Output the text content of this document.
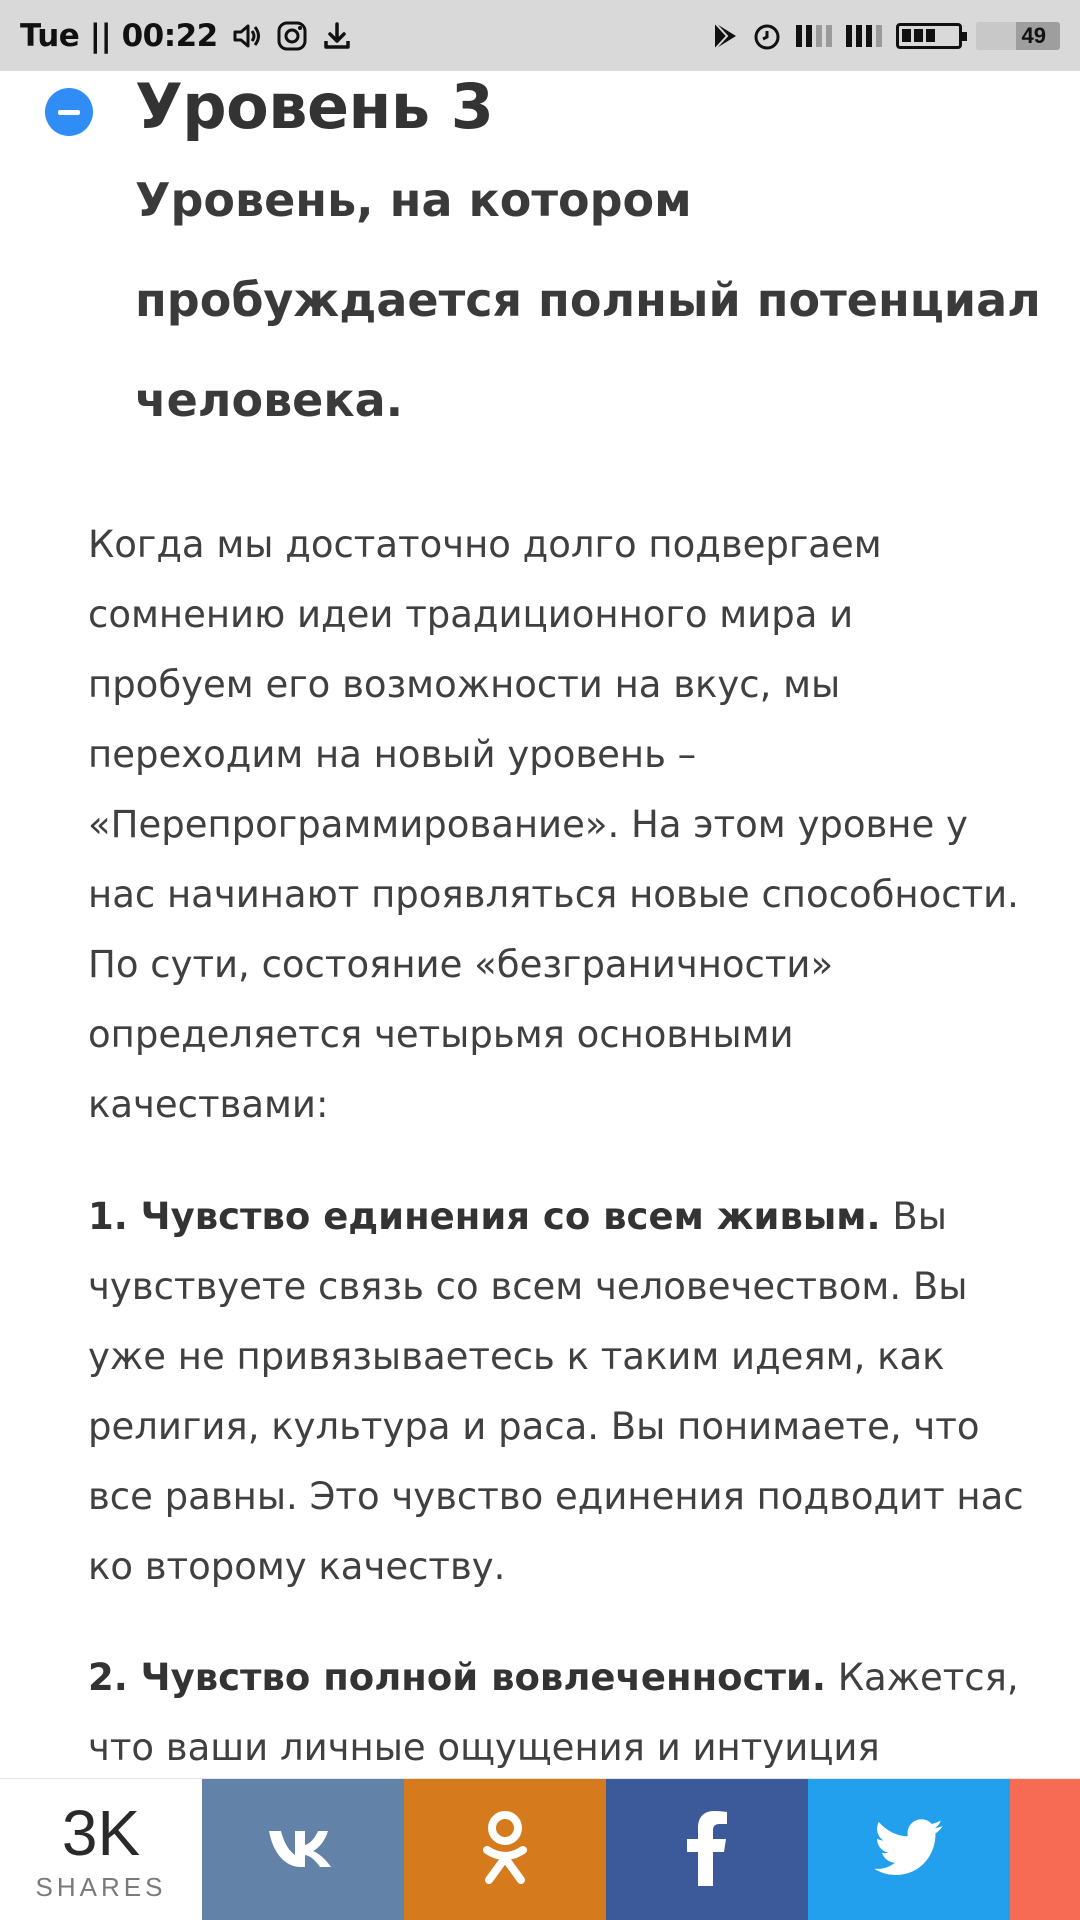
Tue || 00:22	49
Уровень 3
Уровень, на котором пробуждается полный потенциал человека.

Когда мы достаточно долго подвергаем сомнению идеи традиционного мира и пробуем его возможности на вкус, мы переходим на новый уровень – «Перепрограммирование». На этом уровне у нас начинают проявляться новые способности. По сути, состояние «безграничности» определяется четырьмя основными качествами:

1. Чувство единения со всем живым. Вы чувствуете связь со всем человечеством. Вы уже не привязываетесь к таким идеям, как религия, культура и раса. Вы понимаете, что все равны. Это чувство единения подводит нас ко второму качеству.

2. Чувство полной вовлеченности. Кажется, что ваши личные ощущения и интуиция

3K
SHARES
